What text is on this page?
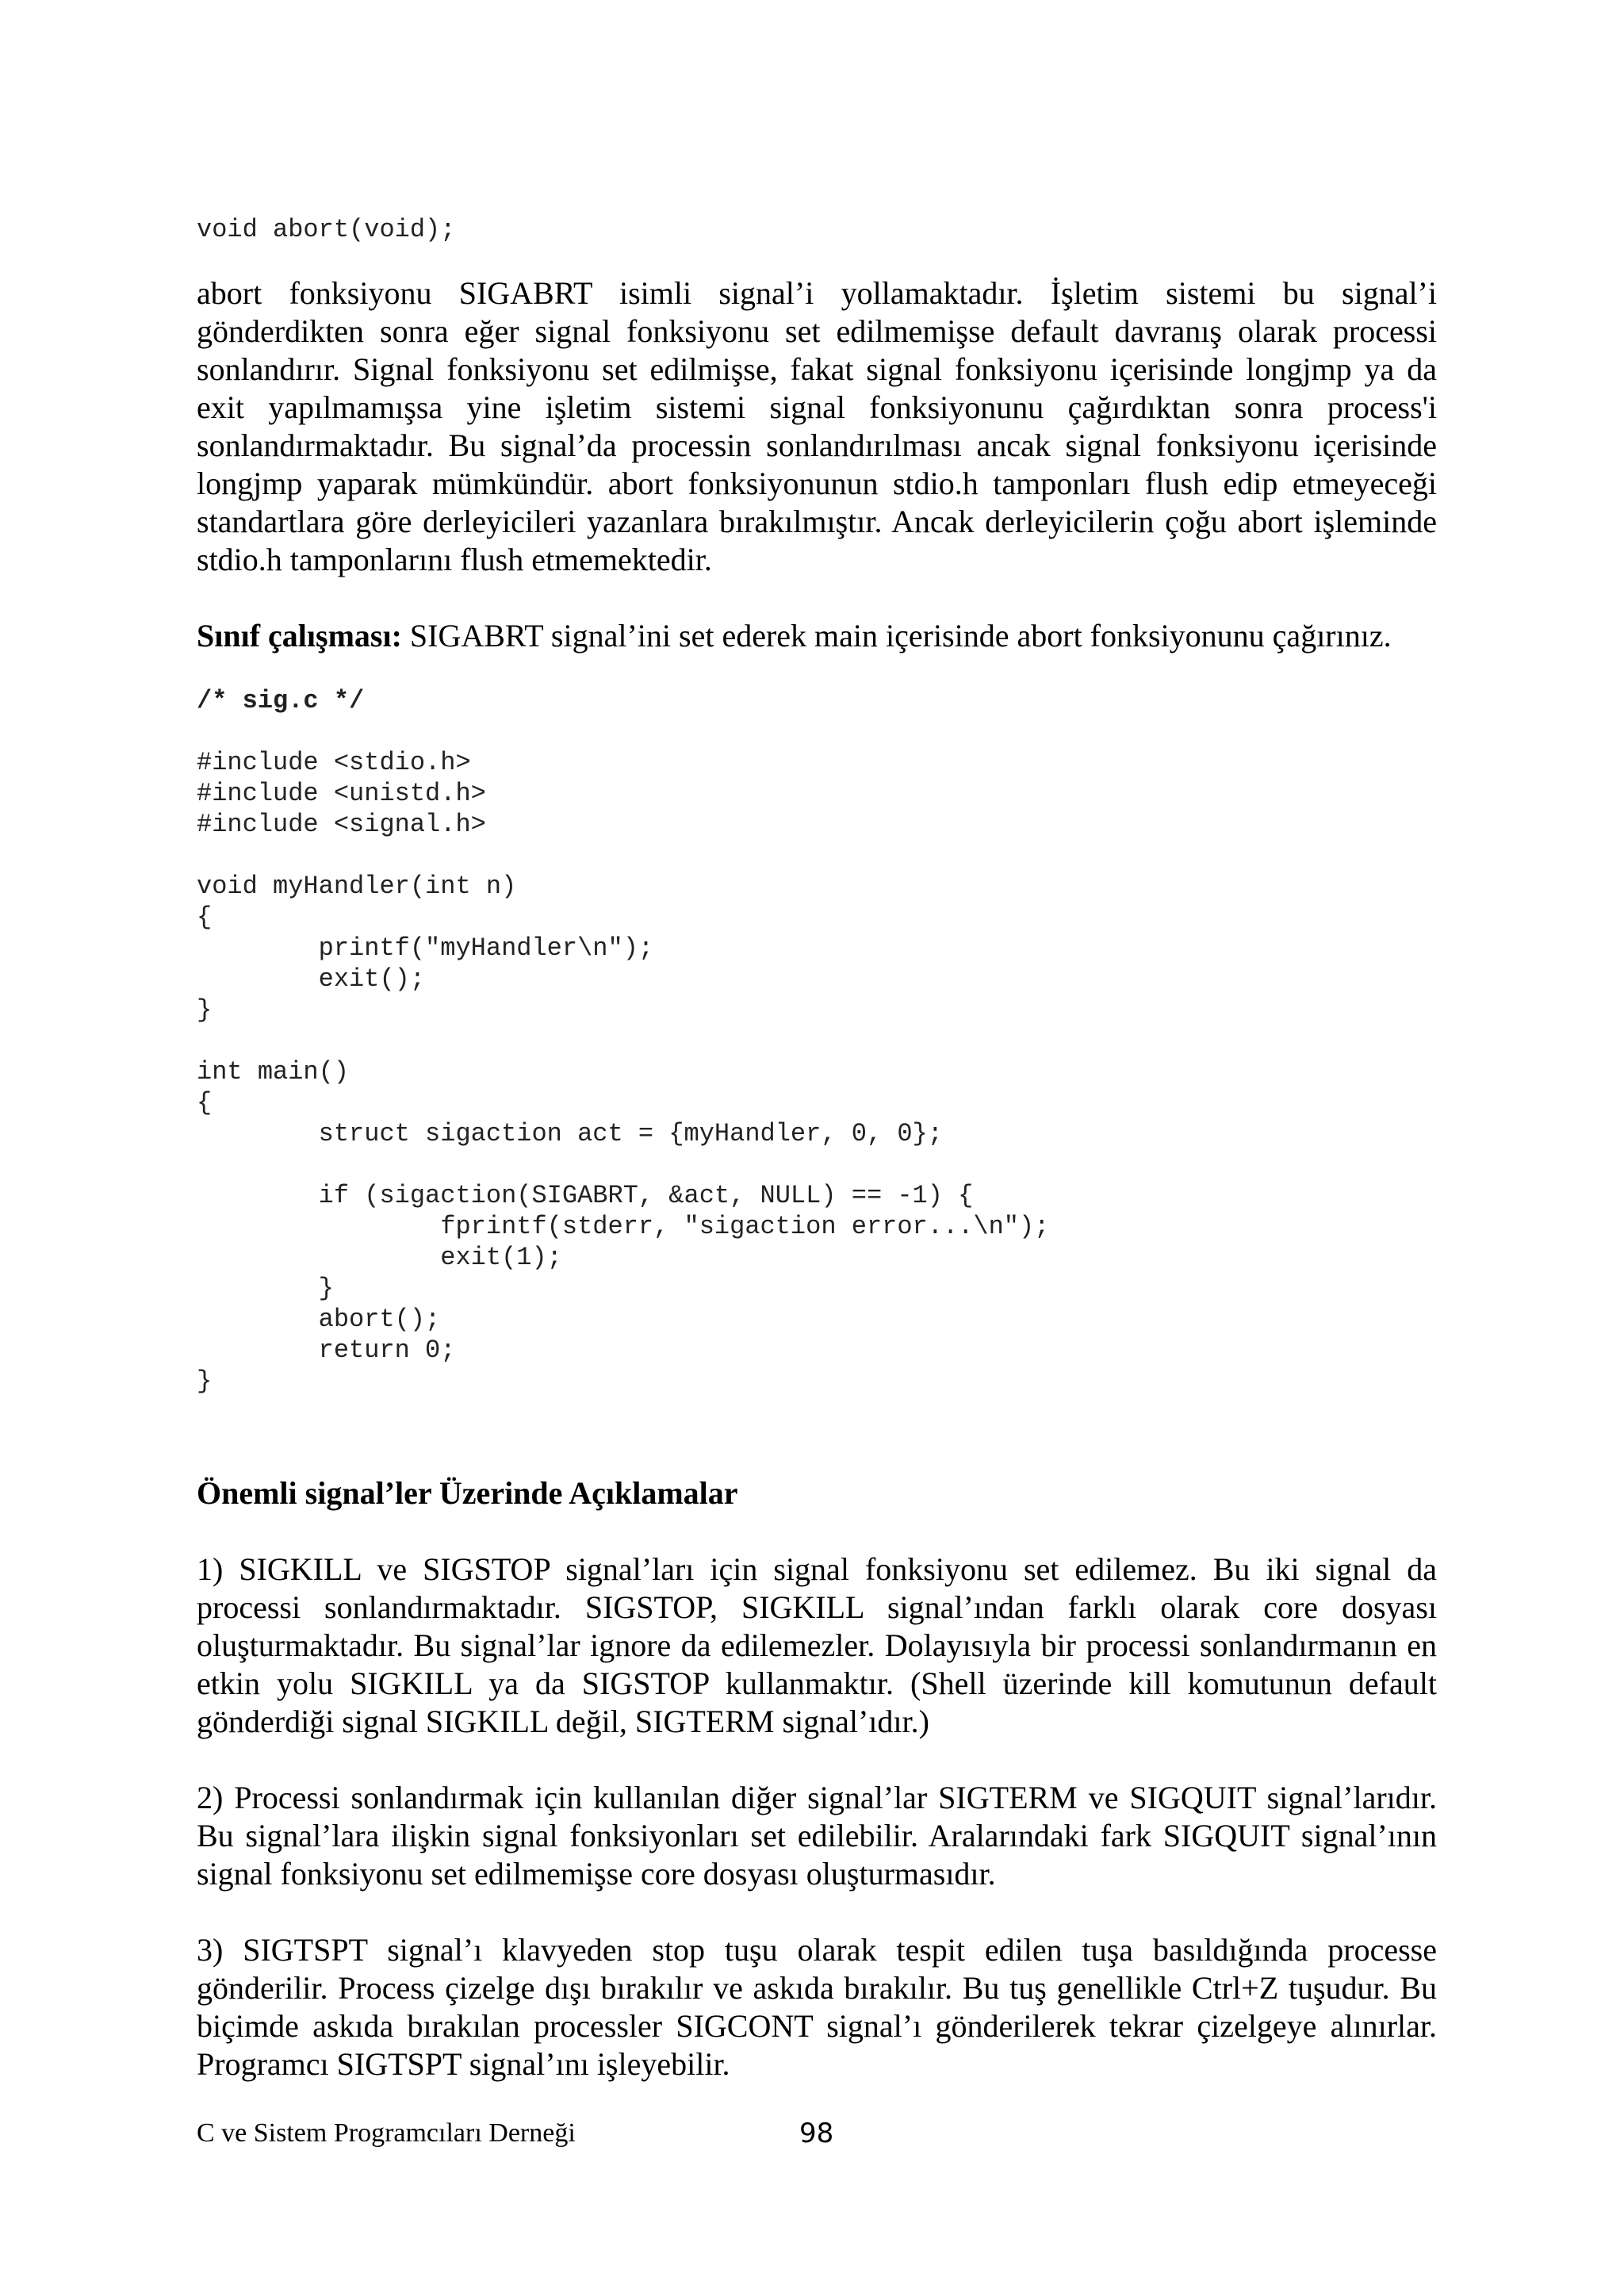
void abort(void);

abort fonksiyonu SIGABRT isimli signal’i yollamaktadır. İşletim sistemi bu signal’i gönderdikten sonra eğer signal fonksiyonu set edilmemişse default davranış olarak processi sonlandırır. Signal fonksiyonu set edilmişse, fakat signal fonksiyonu içerisinde longjmp ya da exit yapılmamışsa yine işletim sistemi signal fonksiyonunu çağırdıktan sonra process'i sonlandırmaktadır. Bu signal’da processin sonlandırılması ancak signal fonksiyonu içerisinde longjmp yaparak mümkündür. abort fonksiyonunun stdio.h tamponları flush edip etmeyeceği standartlara göre derleyicileri yazanlara bırakılmıştır. Ancak derleyicilerin çoğu abort işleminde stdio.h tamponlarını flush etmemektedir.

Sınıf çalışması: SIGABRT signal’ini set ederek main içerisinde abort fonksiyonunu çağırınız.

/* sig.c */
#include <stdio.h>
#include <unistd.h>
#include <signal.h>
void myHandler(int n)
{
	printf("myHandler\n");
	exit();
}
int main()
{
	struct sigaction act = {myHandler, 0, 0};

	if (sigaction(SIGABRT, &act, NULL) == -1) {
		fprintf(stderr, "sigaction error...\n");
		exit(1);
	}
	abort();
	return 0;
}

Önemli signal’ler Üzerinde Açıklamalar

1) SIGKILL ve SIGSTOP signal’ları için signal fonksiyonu set edilemez. Bu iki signal da processi sonlandırmaktadır. SIGSTOP, SIGKILL signal’ından farklı olarak core dosyası oluşturmaktadır. Bu signal’lar ignore da edilemezler. Dolayısıyla bir processi sonlandırmanın en etkin yolu SIGKILL ya da SIGSTOP kullanmaktır. (Shell üzerinde kill komutunun default gönderdiği signal SIGKILL değil, SIGTERM signal’ıdır.)

2) Processi sonlandırmak için kullanılan diğer signal’lar SIGTERM ve SIGQUIT signal’larıdır. Bu signal’lara ilişkin signal fonksiyonları set edilebilir. Aralarındaki fark SIGQUIT signal’ının signal fonksiyonu set edilmemişse core dosyası oluşturmasıdır.

3) SIGTSPT signal’ı klavyeden stop tuşu olarak tespit edilen tuşa basıldığında processe gönderilir. Process çizelge dışı bırakılır ve askıda bırakılır. Bu tuş genellikle Ctrl+Z tuşudur. Bu biçimde askıda bırakılan processler SIGCONT signal’ı gönderilerek tekrar çizelgeye alınırlar. Programcı SIGTSPT signal’ını işleyebilir.

C ve Sistem Programcıları Derneği	98
